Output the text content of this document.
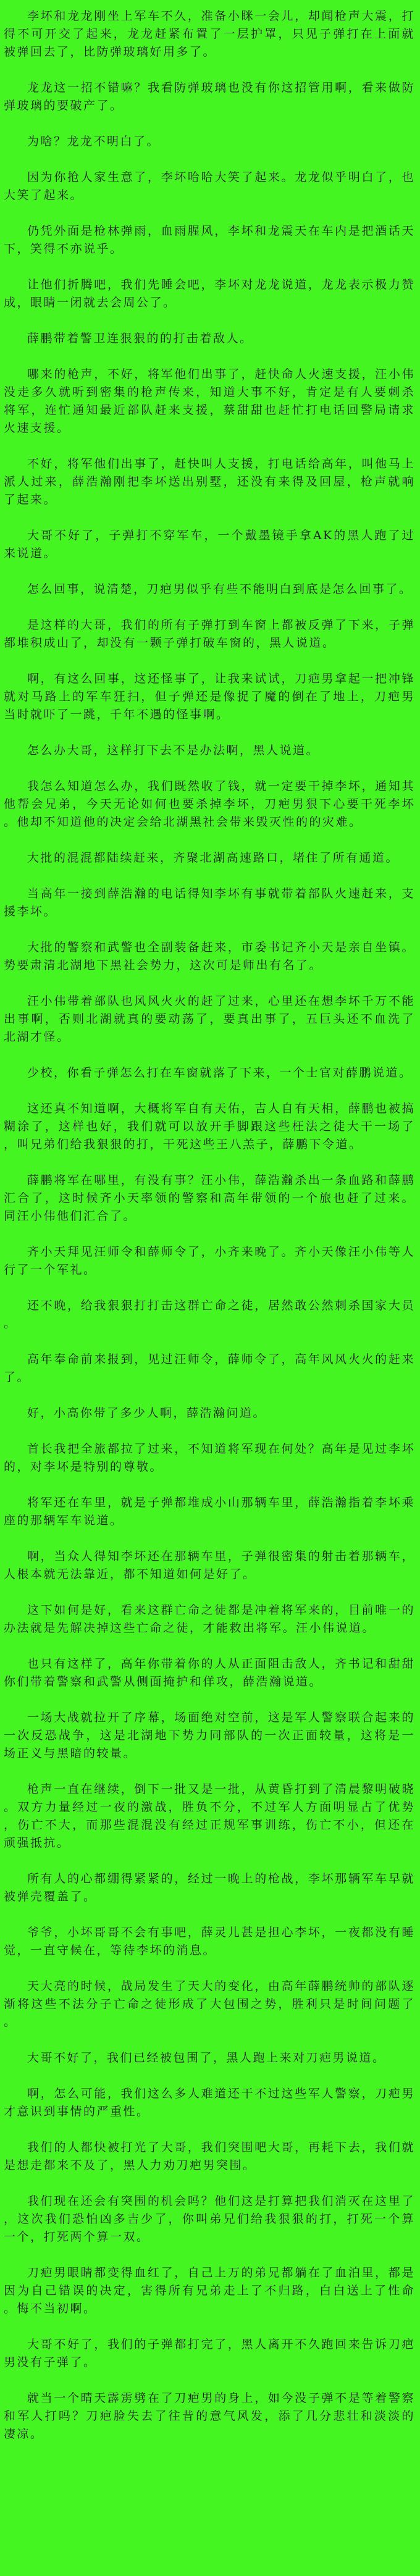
李坏和龙龙刚坐上军车不久，准备小眯一会儿，却闻枪声大震，打得不可开交了起来，龙龙赶紧布置了一层护罩，只见子弹打在上面就被弹回去了，比防弹玻璃好用多了。

龙龙这一招不错嘛？我看防弹玻璃也没有你这招管用啊，看来做防弹玻璃的要破产了。

为啥？龙龙不明白了。

因为你抢人家生意了，李坏哈哈大笑了起来。龙龙似乎明白了，也大笑了起来。

仍凭外面是枪林弹雨，血雨腥风，李坏和龙震天在车内是把酒话天下，笑得不亦说乎。

让他们折腾吧，我们先睡会吧，李坏对龙龙说道，龙龙表示极力赞成，眼睛一闭就去会周公了。

薛鹏带着警卫连狠狠的的打击着敌人。

哪来的枪声，不好，将军他们出事了，赶快命人火速支援，汪小伟没走多久就听到密集的枪声传来，知道大事不好，肯定是有人要刺杀将军，连忙通知最近部队赶来支援，蔡甜甜也赶忙打电话回警局请求火速支援。

不好，将军他们出事了，赶快叫人支援，打电话给高年，叫他马上派人过来，薛浩瀚刚把李坏送出别墅，还没有来得及回屋，枪声就响了起来。

大哥不好了，子弹打不穿军车，一个戴墨镜手拿AK的黑人跑了过来说道。

怎么回事，说清楚，刀疤男似乎有些不能明白到底是怎么回事了。

是这样的大哥，我们的所有子弹打到车窗上都被反弹了下来，子弹都堆积成山了，却没有一颗子弹打破车窗的，黑人说道。

啊，有这么回事，这还怪事了，让我来试试，刀疤男拿起一把冲锋就对马路上的军车狂扫，但子弹还是像捉了魔的倒在了地上，刀疤男当时就吓了一跳，千年不遇的怪事啊。

怎么办大哥，这样打下去不是办法啊，黑人说道。

我怎么知道怎么办，我们既然收了钱，就一定要干掉李坏，通知其他帮会兄弟，今天无论如何也要杀掉李坏，刀疤男狠下心要干死李坏。他却不知道他的决定会给北湖黑社会带来毁灭性的的灾难。

大批的混混都陆续赶来，齐聚北湖高速路口，堵住了所有通道。

当高年一接到薛浩瀚的电话得知李坏有事就带着部队火速赶来，支援李坏。

大批的警察和武警也全副装备赶来，市委书记齐小天是亲自坐镇。势要肃清北湖地下黑社会势力，这次可是师出有名了。

汪小伟带着部队也风风火火的赶了过来，心里还在想李坏千万不能出事啊，否则北湖就真的要动荡了，要真出事了，五巨头还不血洗了北湖才怪。

少校，你看子弹怎么打在车窗就落了下来，一个士官对薛鹏说道。

这还真不知道啊，大概将军自有天佑，吉人自有天相，薛鹏也被搞糊涂了，这样也好，我们就可以放开手脚跟这些枉法之徒大干一场了，叫兄弟们给我狠狠的打，干死这些王八羔子，薛鹏下令道。

薛鹏将军在哪里，有没有事？汪小伟，薛浩瀚杀出一条血路和薛鹏汇合了，这时候齐小天率领的警察和高年带领的一个旅也赶了过来。同汪小伟他们汇合了。

齐小天拜见汪师令和薛师令了，小齐来晚了。齐小天像汪小伟等人行了一个军礼。

还不晚，给我狠狠打打击这群亡命之徒，居然敢公然刺杀国家大员。

高年奉命前来报到，见过汪师令，薛师令了，高年风风火火的赶来了。

好，小高你带了多少人啊，薛浩瀚问道。

首长我把全旅都拉了过来，不知道将军现在何处？高年是见过李坏的，对李坏是特别的尊敬。

将军还在车里，就是子弹都堆成小山那辆车里，薛浩瀚指着李坏乘座的那辆军车说道。

啊，当众人得知李坏还在那辆车里，子弹很密集的射击着那辆车，人根本就无法靠近，都不知道如何是好了。

这下如何是好，看来这群亡命之徒都是冲着将军来的，目前唯一的办法就是先解决掉这些亡命之徒，才能救出将军。汪小伟说道。

也只有这样了，高年你带着你的人从正面阻击敌人，齐书记和甜甜你们带着警察和武警从侧面掩护和佯攻，薛浩瀚说道。

一场大战就拉开了序幕，场面绝对空前，这是军人警察联合起来的一次反恐战争，这是北湖地下势力同部队的一次正面较量，这将是一场正义与黑暗的较量。

枪声一直在继续，倒下一批又是一批，从黄昏打到了清晨黎明破晓。双方力量经过一夜的激战，胜负不分，不过军人方面明显占了优势，伤亡不大，而那些混混没有经过正规军事训练，伤亡不小，但还在顽强抵抗。

所有人的心都绷得紧紧的，经过一晚上的枪战，李坏那辆军车早就被弹壳覆盖了。

爷爷，小坏哥哥不会有事吧，薛灵儿甚是担心李坏，一夜都没有睡觉，一直守候在，等待李坏的消息。

天大亮的时候，战局发生了天大的变化，由高年薛鹏统帅的部队逐渐将这些不法分子亡命之徒形成了大包围之势，胜利只是时间问题了。

大哥不好了，我们已经被包围了，黑人跑上来对刀疤男说道。

啊，怎么可能，我们这么多人难道还干不过这些军人警察，刀疤男才意识到事情的严重性。

我们的人都快被打光了大哥，我们突围吧大哥，再耗下去，我们就是想走都来不及了，黑人力劝刀疤男突围。

我们现在还会有突围的机会吗？他们这是打算把我们消灭在这里了，这次我们恐怕凶多吉少了，你叫弟兄们给我狠狠的打，打死一个算一个，打死两个算一双。

刀疤男眼睛都变得血红了，自己上万的弟兄都躺在了血泊里，都是因为自己错误的决定，害得所有兄弟走上了不归路，白白送上了性命。悔不当初啊。

大哥不好了，我们的子弹都打完了，黑人离开不久跑回来告诉刀疤男没有子弹了。

就当一个晴天霹雳劈在了刀疤男的身上，如今没子弹不是等着警察和军人打吗？刀疤脸失去了往昔的意气风发，添了几分悲壮和淡淡的凄凉。
